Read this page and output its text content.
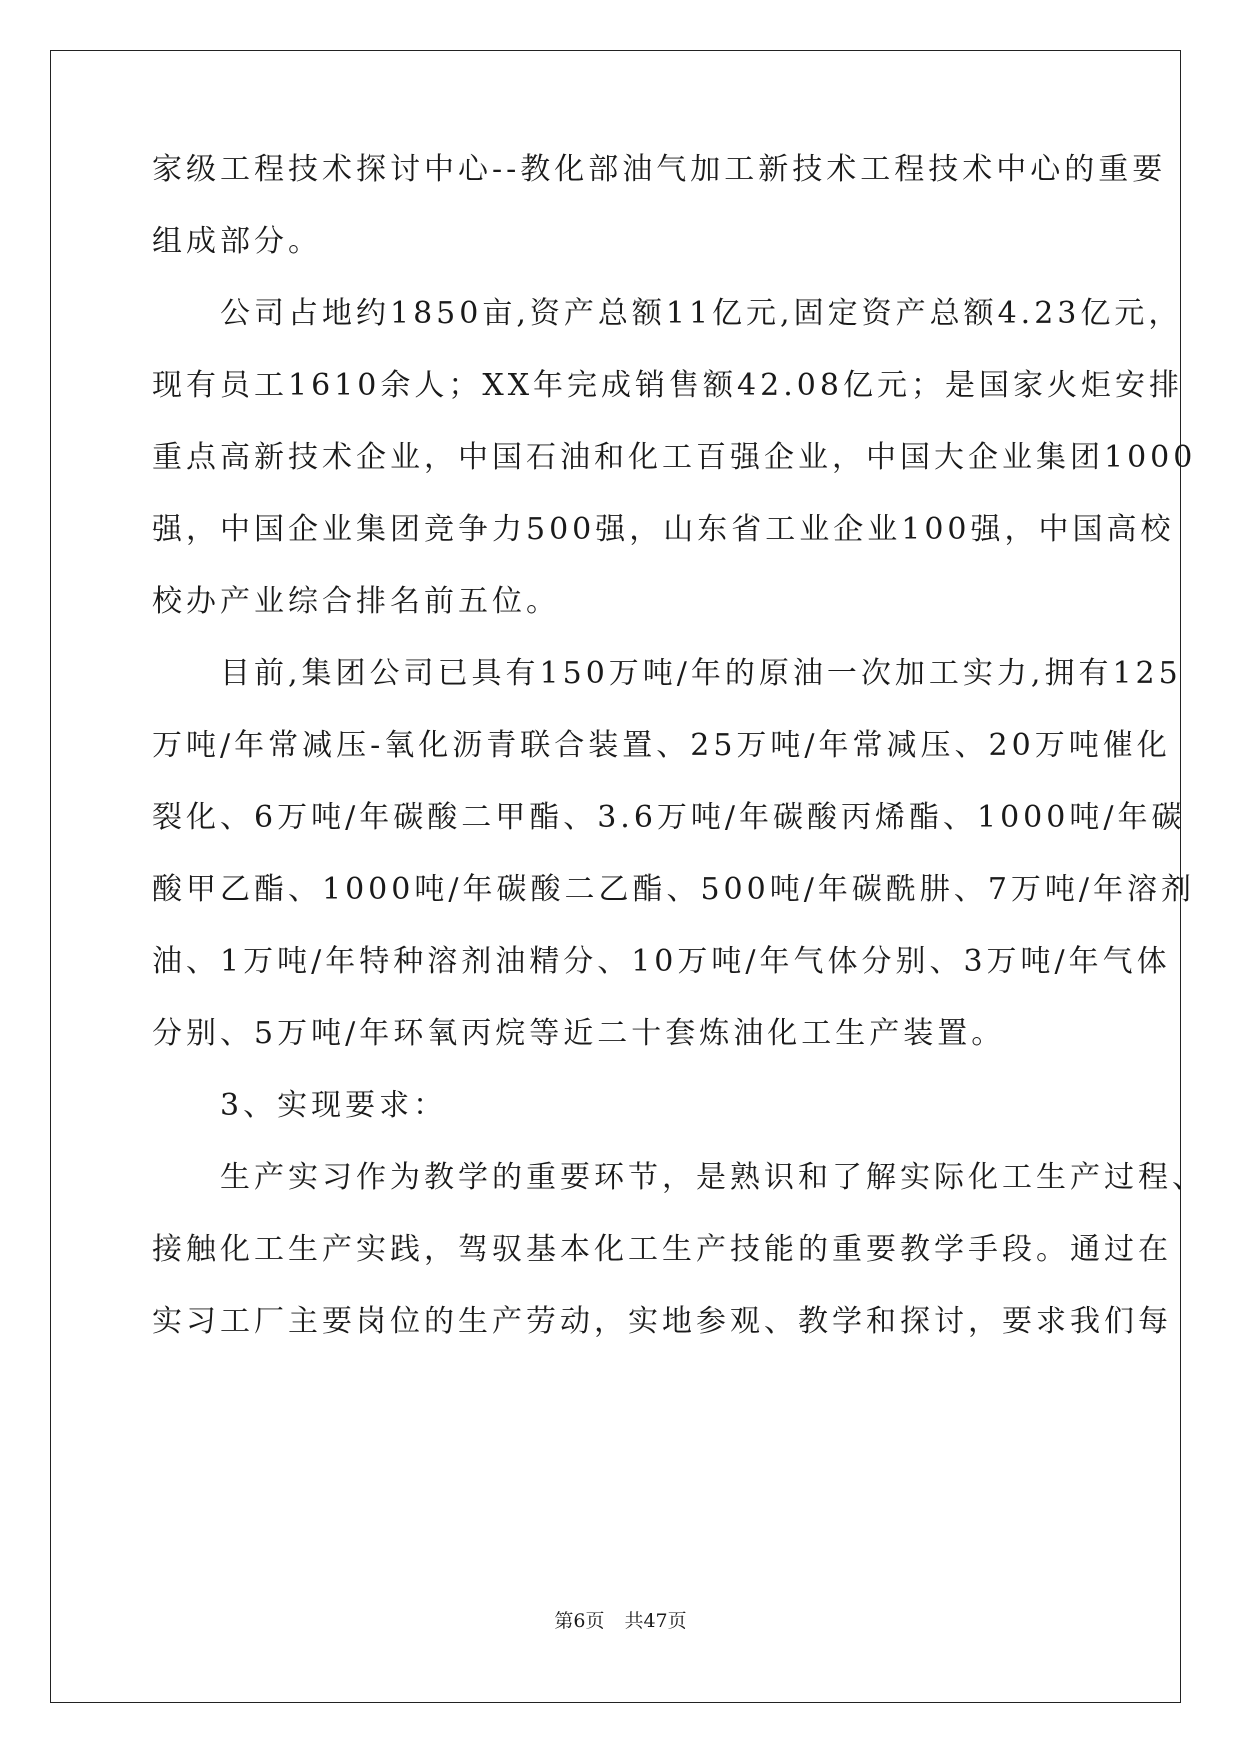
家级工程技术探讨中心--教化部油气加工新技术工程技术中心的重要
组成部分。
　　公司占地约1850亩,资产总额11亿元,固定资产总额4.23亿元，
现有员工1610余人；XX年完成销售额42.08亿元；是国家火炬安排
重点高新技术企业，中国石油和化工百强企业，中国大企业集团1000
强，中国企业集团竞争力500强，山东省工业企业100强，中国高校
校办产业综合排名前五位。
　　目前,集团公司已具有150万吨/年的原油一次加工实力,拥有125
万吨/年常减压-氧化沥青联合装置、25万吨/年常减压、20万吨催化
裂化、6万吨/年碳酸二甲酯、3.6万吨/年碳酸丙烯酯、1000吨/年碳
酸甲乙酯、1000吨/年碳酸二乙酯、500吨/年碳酰肼、7万吨/年溶剂
油、1万吨/年特种溶剂油精分、10万吨/年气体分别、3万吨/年气体
分别、5万吨/年环氧丙烷等近二十套炼油化工生产装置。
　　3、实现要求：
　　生产实习作为教学的重要环节，是熟识和了解实际化工生产过程、
接触化工生产实践，驾驭基本化工生产技能的重要教学手段。通过在
实习工厂主要岗位的生产劳动，实地参观、教学和探讨，要求我们每
第6页 共47页
